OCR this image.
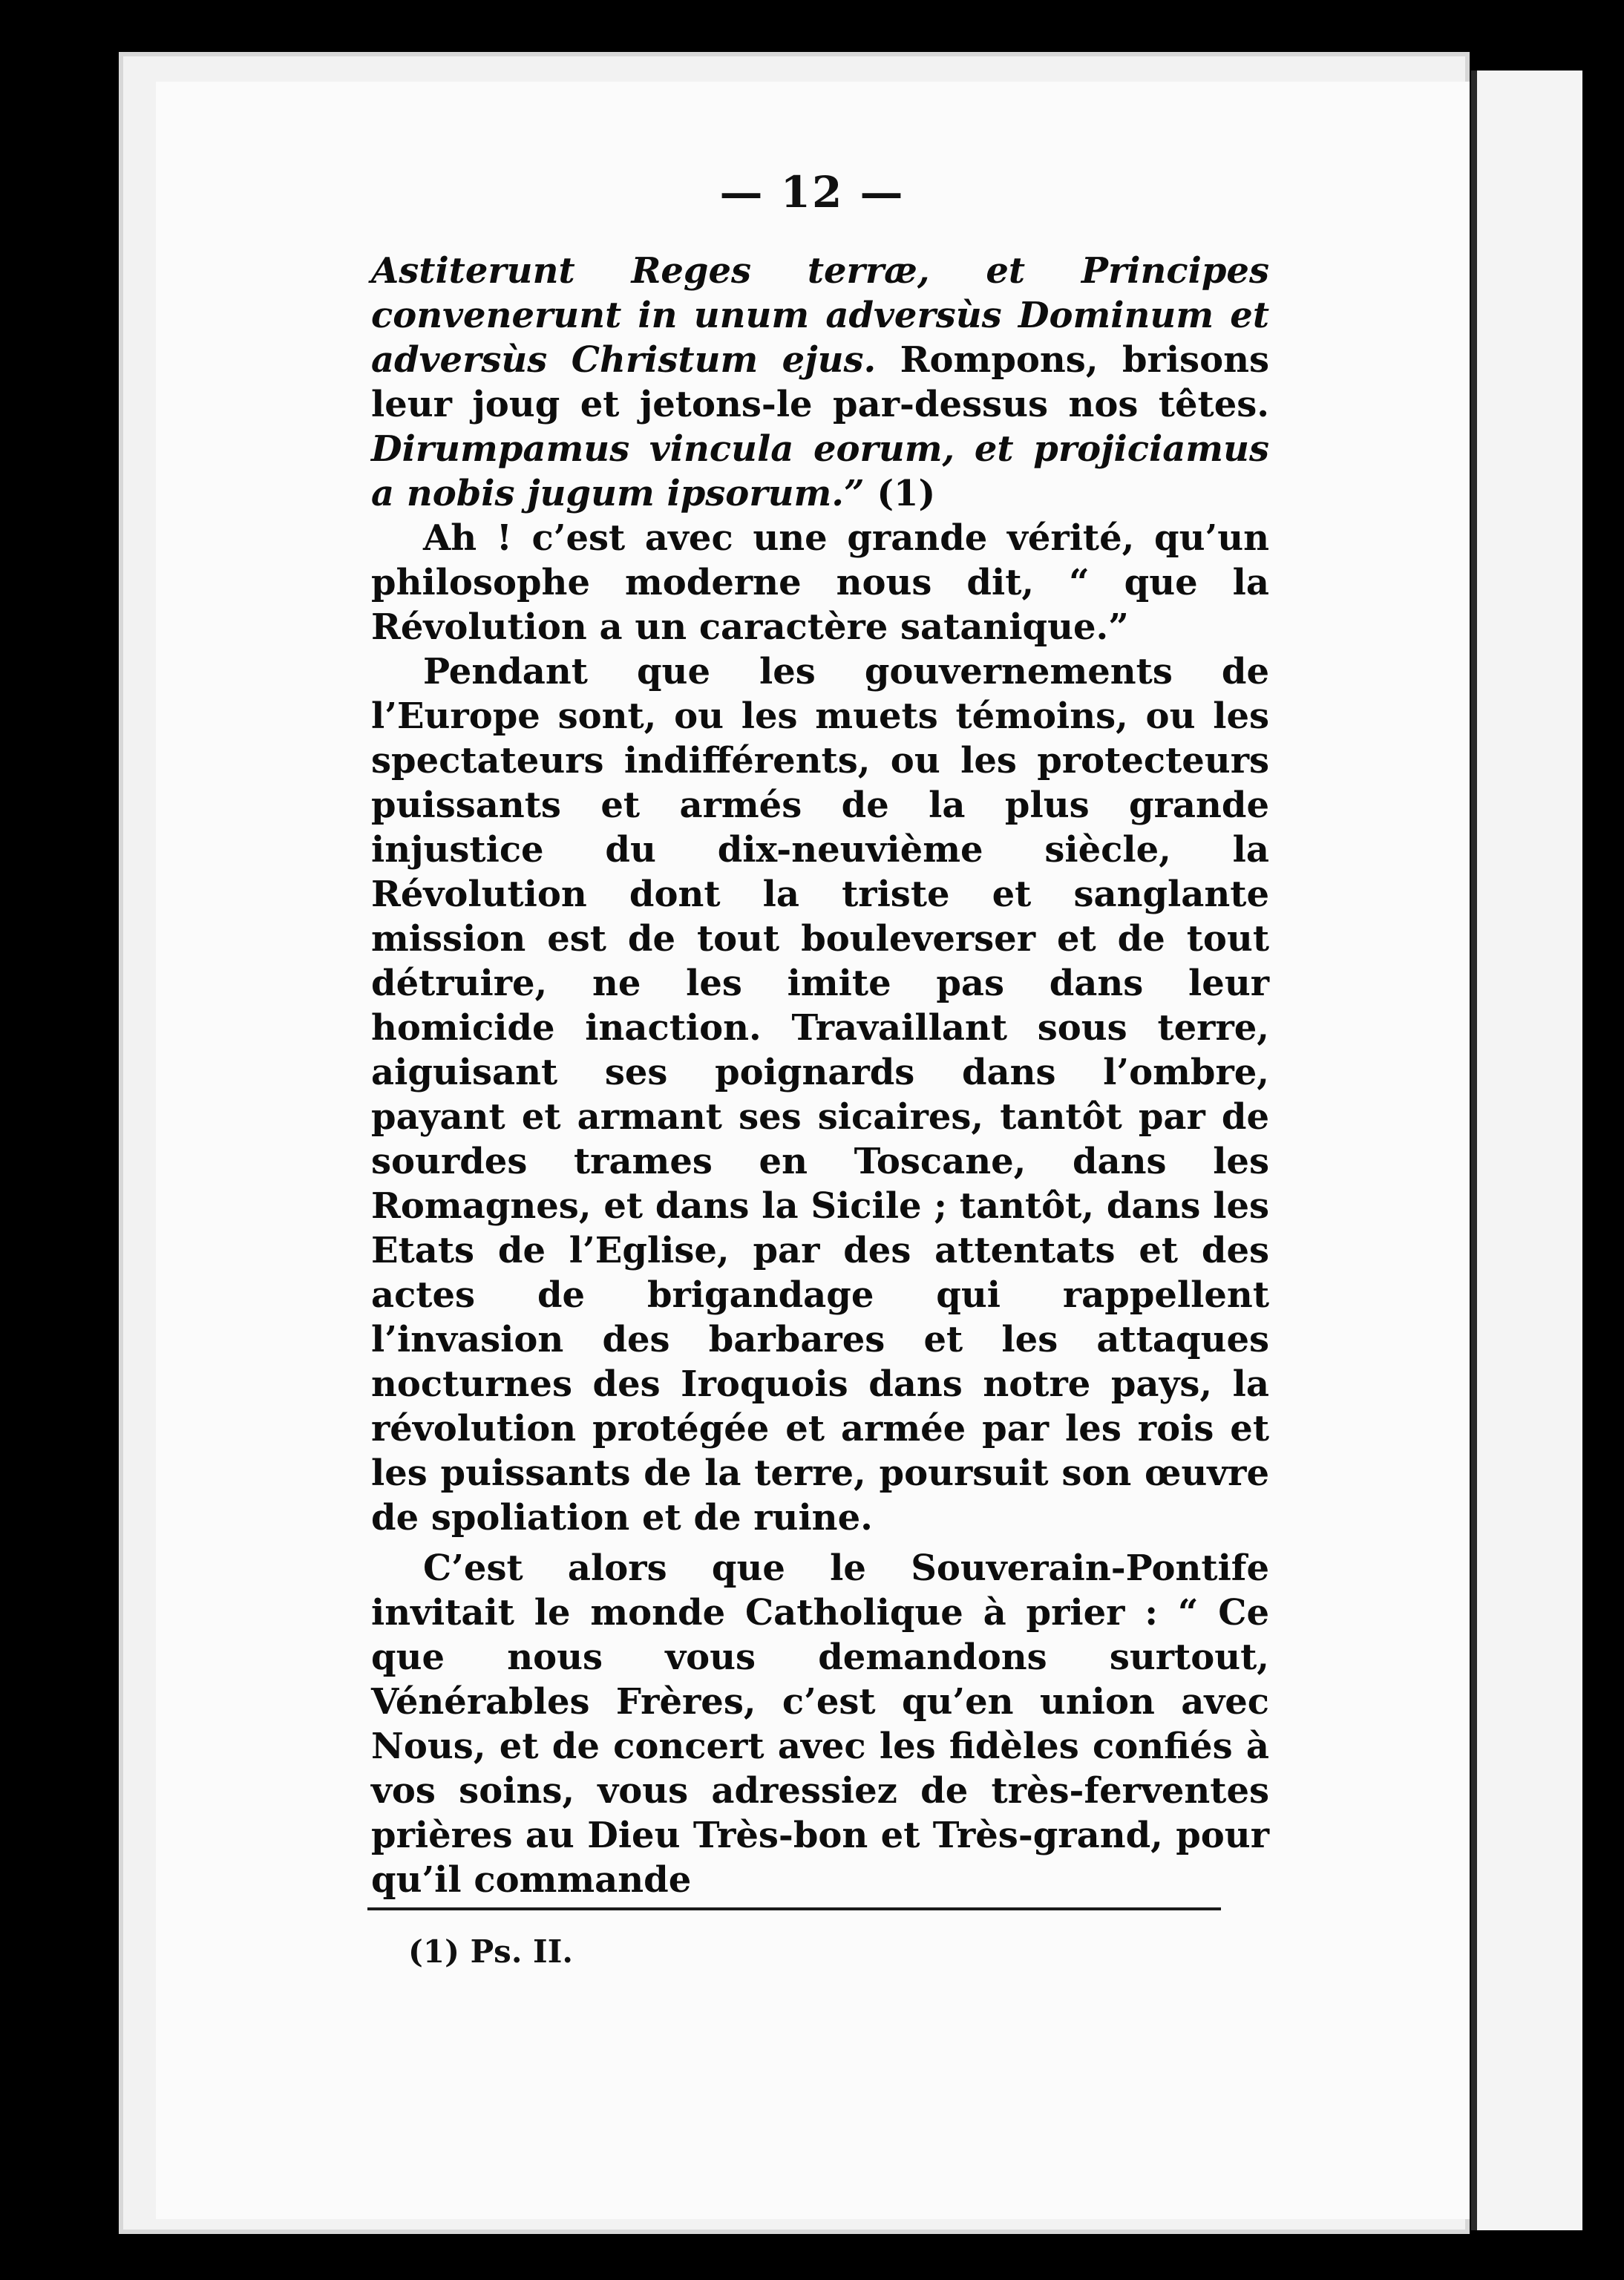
— 12 —

Astiterunt Reges terræ, et Principes convenerunt in unum adversùs Dominum et adversùs Christum ejus. Rompons, brisons leur joug et jetons-le par-dessus nos têtes. Dirumpamus vincula eorum, et projiciamus a nobis jugum ipsorum.” (1)

Ah ! c’est avec une grande vérité, qu’un philosophe moderne nous dit, “ que la Révolution a un caractère satanique.”

Pendant que les gouvernements de l’Europe sont, ou les muets témoins, ou les spectateurs indifférents, ou les protecteurs puissants et armés de la plus grande injustice du dix-neuvième siècle, la Révolution dont la triste et sanglante mission est de tout bouleverser et de tout détruire, ne les imite pas dans leur homicide inaction. Travaillant sous terre, aiguisant ses poignards dans l’ombre, payant et armant ses sicaires, tantôt par de sourdes trames en Toscane, dans les Romagnes, et dans la Sicile ; tantôt, dans les Etats de l’Eglise, par des attentats et des actes de brigandage qui rappellent l’invasion des barbares et les attaques nocturnes des Iroquois dans notre pays, la révolution protégée et armée par les rois et les puissants de la terre, poursuit son œuvre de spoliation et de ruine.

C’est alors que le Souverain-Pontife invitait le monde Catholique à prier : “ Ce que nous vous demandons surtout, Vénérables Frères, c’est qu’en union avec Nous, et de concert avec les fidèles confiés à vos soins, vous adressiez de très-ferventes prières au Dieu Très-bon et Très-grand, pour qu’il commande

(1) Ps. II.
